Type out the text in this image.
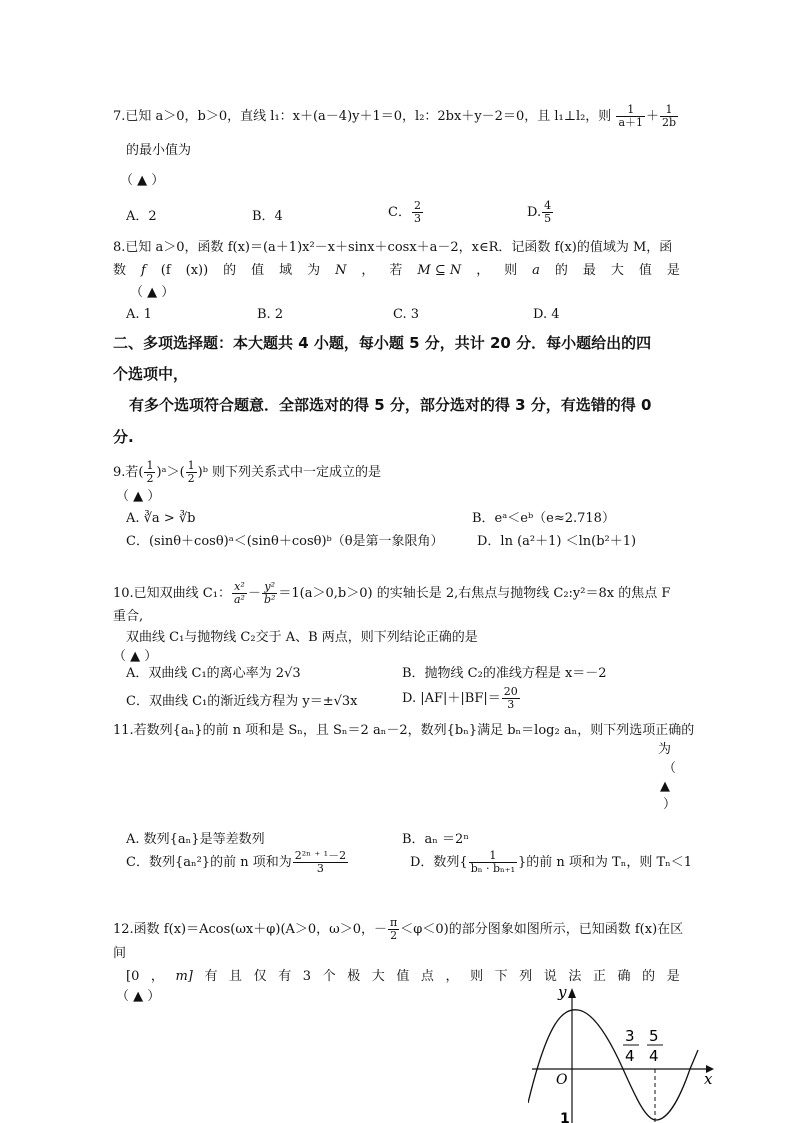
7.已知 a＞0，b＞0，直线 l₁：x＋(a－4)y＋1＝0，l₂：2bx＋y－2＝0，且 l₁⊥l₂，则 $\frac{1}{a+1} + \frac{1}{2b}$
的最小值为
（ ▲ ）
A．2	B．4	C． $\frac{2}{3}$	D. $\frac{4}{5}$
8.已知 a＞0，函数 f(x)＝(a＋1)x²－x＋sinx＋cosx＋a－2，x∈R．记函数 f(x)的值域为 M，函
数 f (f (x)) 的 值 域 为 N ， 若 M ⊆ N ， 则 a 的 最 大 值 是
（ ▲ ）
A. 1	B. 2	C. 3	D. 4
二、多项选择题：本大题共 4 小题，每小题 5 分，共计 20 分．每小题给出的四
个选项中，
有多个选项符合题意．全部选对的得 5 分，部分选对的得 3 分，有选错的得 0
分.
9.若( $\frac{1}{2}$ )ᵃ＞( $\frac{1}{2}$ )ᵇ 则下列关系式中一定成立的是
（ ▲ ）
A. ∛a > ∛b	B．eᵃ＜eᵇ（e≈2.718）
C．(sinθ＋cosθ)ᵃ＜(sinθ＋cosθ)ᵇ（θ是第一象限角）	D．ln (a²＋1) ＜ln(b²＋1)
10.已知双曲线 C₁： $\frac{\text{x²}}{\text{a²}} - \frac{\text{y²}}{\text{b²}} =1(a>0,b>0)$ 的实轴长是 2,右焦点与抛物线 C₂:y²＝8x 的焦点 F
重合,
双曲线 C₁与抛物线 C₂交于 A、B 两点，则下列结论正确的是
（ ▲ ）
A．双曲线 C₁的离心率为 2√3	B．抛物线 C₂的准线方程是 x＝－2
C．双曲线 C₁的渐近线方程为 y＝±√3x	D. $|AF|+|BF|= \frac{20}{3}$
11.若数列{aₙ}的前 n 项和是 Sₙ，且 Sₙ＝2 aₙ－2，数列{bₙ}满足 bₙ＝log₂ aₙ，则下列选项正确的
为
（
▲
）
A. 数列{aₙ}是等差数列	B．aₙ ＝2ⁿ
C．数列{aₙ²}的前 n 项和为 $\frac{\text{2²ⁿ ⁺ ¹－2}}{3}$	D．数列{ $\frac{1}{\text{bₙ · bₙ₊₁}}$ }的前 n 项和为 Tₙ，则 Tₙ＜1
12.函数 f(x)＝Acos(ωx＋φ)(A＞0，ω＞0，－ $\frac{\pi}{2} <\varphi<0$)的部分图象如图所示，已知函数 f(x)在区
间
[0 ， m] 有 且 仅 有 3 个 极 大 值 点 ， 则 下 列 说 法 正 确 的 是
（ ▲ ）	y
x
O
3
4
5
4
1
